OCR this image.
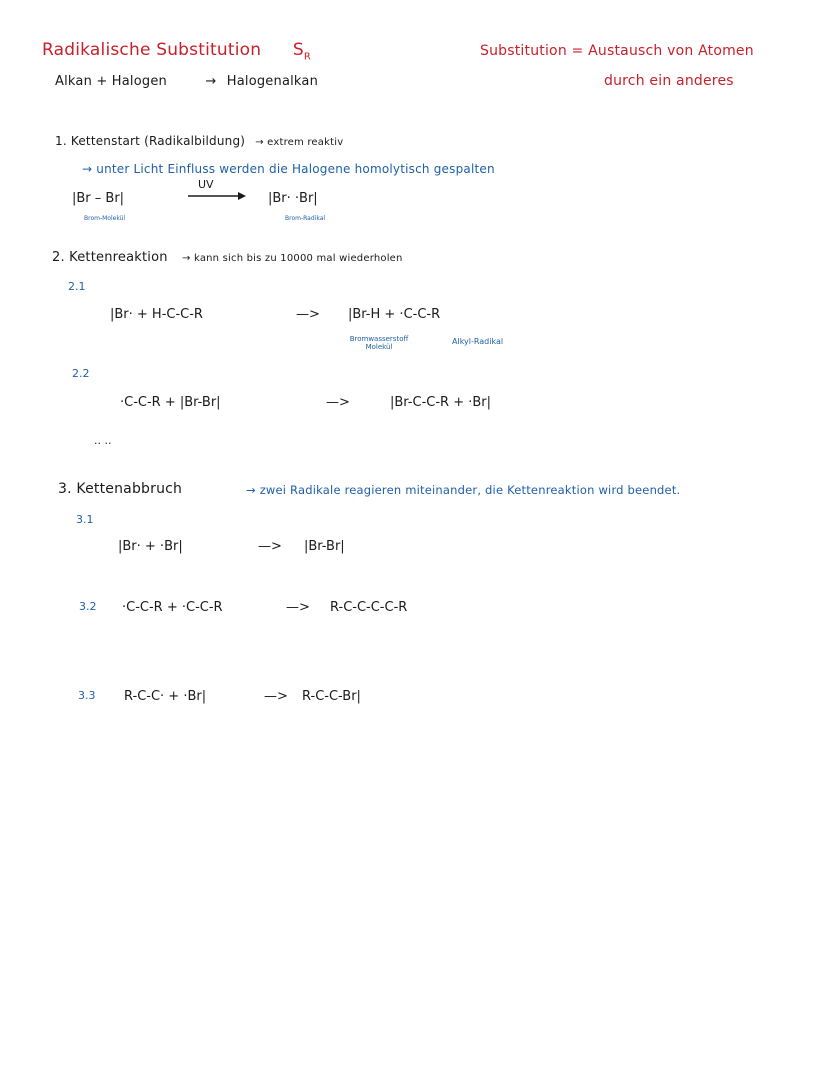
Radikalische Substitution $S_R$	Substitution = Austausch von Atomen
durch ein anderes
Alkan + Halogen	→ Halogenalkan
1. Kettenstart (Radikalbildung) → extrem reaktiv
→ unter Licht Einfluss werden die Halogene homolytisch gespalten
|Br – Br|
Brom-Molekül
UV
|Br· ·Br|
Brom-Radikal
2. Kettenreaktion → kann sich bis zu 10000 mal wiederholen
2.1
|Br· + H-C-C-R	—> |Br-H + ·C-C-R
Bromwasserstoff Molekül
Alkyl-Radikal
2.2
·C-C-R + |Br-Br|	—>	|Br-C-C-R + ·Br|
.. ..
3. Kettenabbruch	→ zwei Radikale reagieren miteinander, die Kettenreaktion wird beendet.
3.1
|Br· + ·Br|	—> |Br-Br|
3.2 ·C-C-R + ·C-C-R	—> R-C-C-C-C-R
3.3 R-C-C· + ·Br|	—> R-C-C-Br|
